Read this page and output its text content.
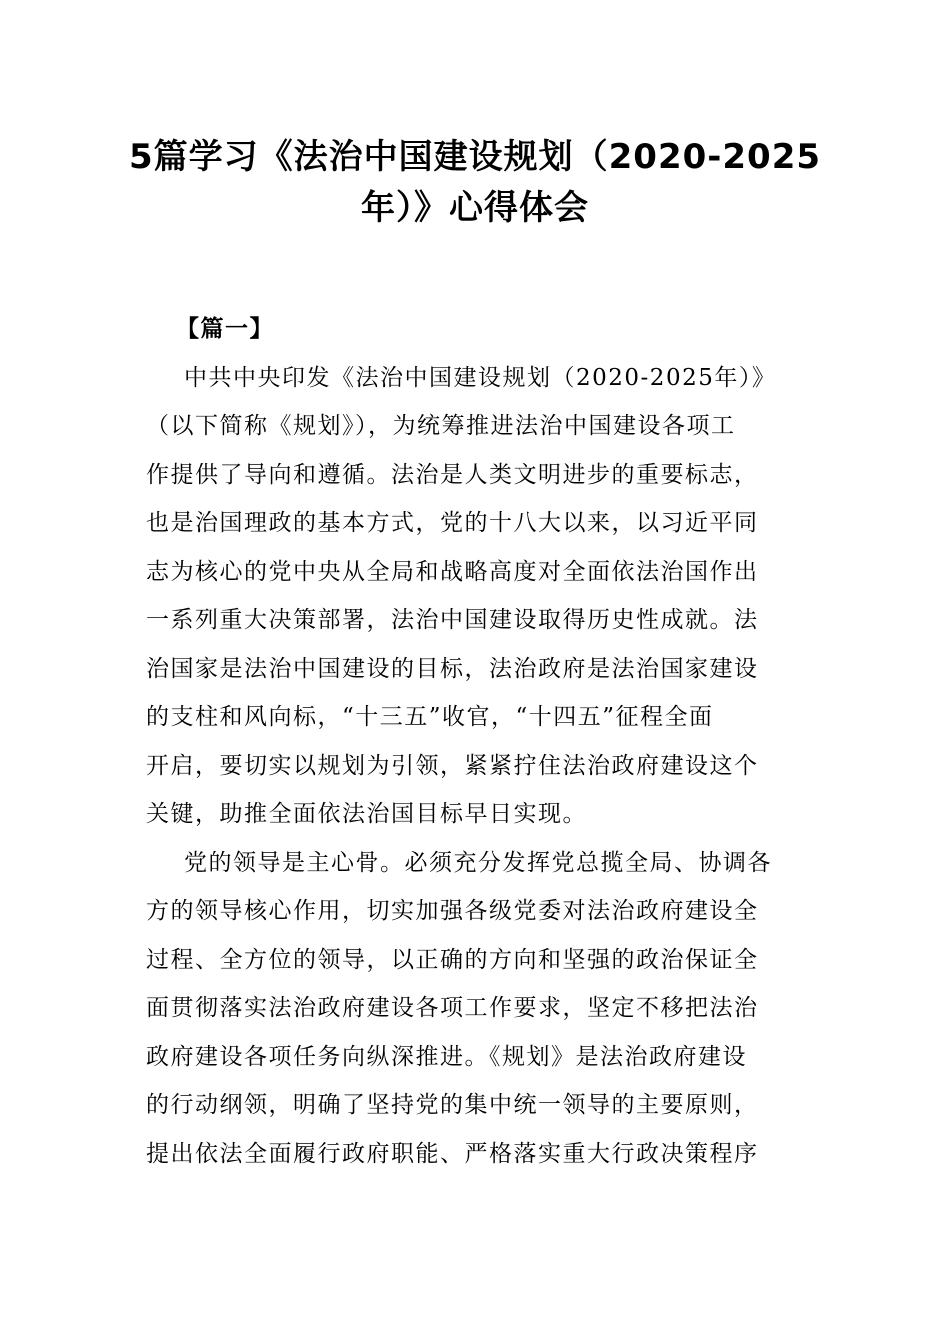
5篇学习《法治中国建设规划（2020-2025
年）》心得体会
【篇一】

中共中央印发《法治中国建设规划（2020-2025年）》
（以下简称《规划》），为统筹推进法治中国建设各项工
作提供了导向和遵循。法治是人类文明进步的重要标志，
也是治国理政的基本方式，党的十八大以来，以习近平同
志为核心的党中央从全局和战略高度对全面依法治国作出
一系列重大决策部署，法治中国建设取得历史性成就。法
治国家是法治中国建设的目标，法治政府是法治国家建设
的支柱和风向标，“十三五”收官，“十四五”征程全面
开启，要切实以规划为引领，紧紧拧住法治政府建设这个
关键，助推全面依法治国目标早日实现。

党的领导是主心骨。必须充分发挥党总揽全局、协调各
方的领导核心作用，切实加强各级党委对法治政府建设全
过程、全方位的领导，以正确的方向和坚强的政治保证全
面贯彻落实法治政府建设各项工作要求，坚定不移把法治
政府建设各项任务向纵深推进。《规划》是法治政府建设
的行动纲领，明确了坚持党的集中统一领导的主要原则，
提出依法全面履行政府职能、严格落实重大行政决策程序
